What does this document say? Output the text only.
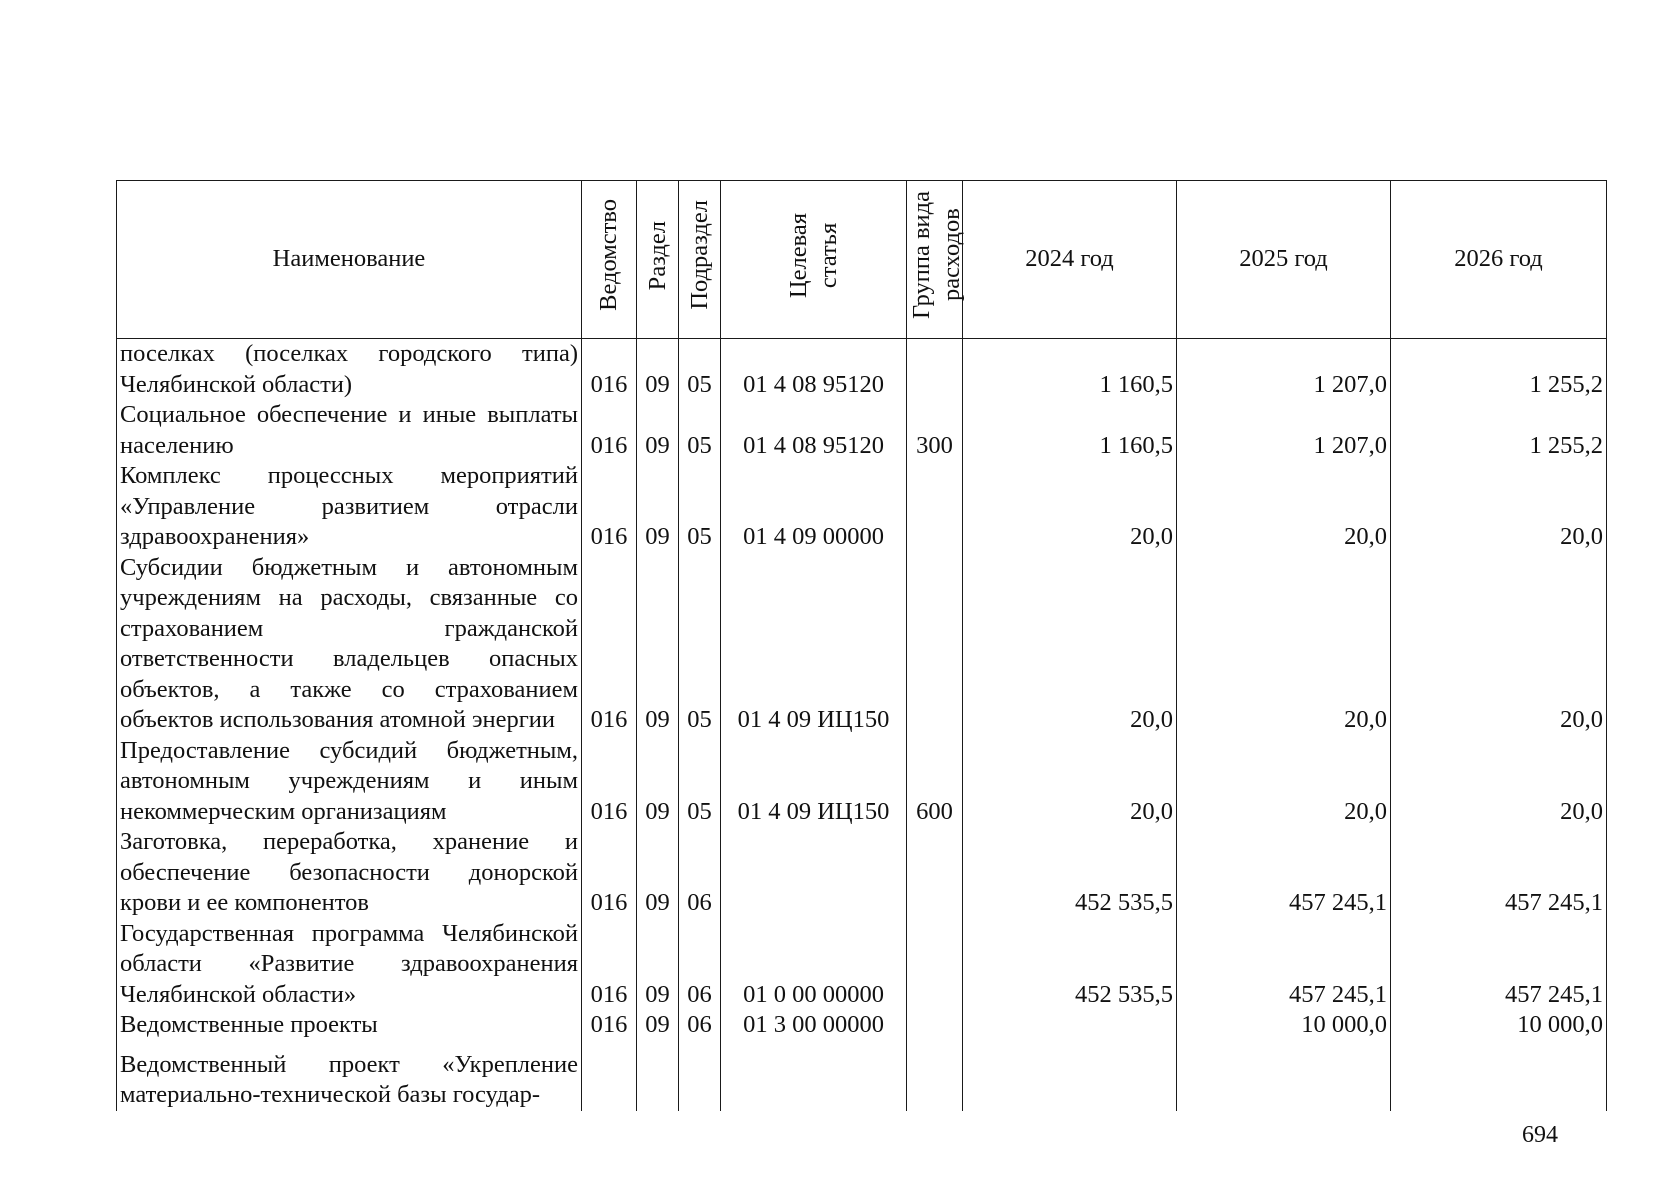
Наименование	Ведомство	Раздел	Подраздел	Целевая статья	Группа вида расходов	2024 год	2025 год	2026 год
поселках (поселках городского типа) Челябинской области)	016	09	05	01 4 08 95120		1 160,5	1 207,0	1 255,2
Социальное обеспечение и иные выплаты населению	016	09	05	01 4 08 95120	300	1 160,5	1 207,0	1 255,2
Комплекс процессных мероприятий «Управление развитием отрасли здравоохранения»	016	09	05	01 4 09 00000		20,0	20,0	20,0
Субсидии бюджетным и автономным учреждениям на расходы, связанные со страхованием гражданской ответственности владельцев опасных объектов, а также со страхованием объектов использования атомной энергии	016	09	05	01 4 09 ИЦ150		20,0	20,0	20,0
Предоставление субсидий бюджетным, автономным учреждениям и иным некоммерческим организациям	016	09	05	01 4 09 ИЦ150	600	20,0	20,0	20,0
Заготовка, переработка, хранение и обеспечение безопасности донорской крови и ее компонентов	016	09	06			452 535,5	457 245,1	457 245,1
Государственная программа Челябинской области «Развитие здравоохранения Челябинской области»	016	09	06	01 0 00 00000		452 535,5	457 245,1	457 245,1
Ведомственные проекты	016	09	06	01 3 00 00000			10 000,0	10 000,0
Ведомственный проект «Укрепление материально-технической базы государ-								
694
